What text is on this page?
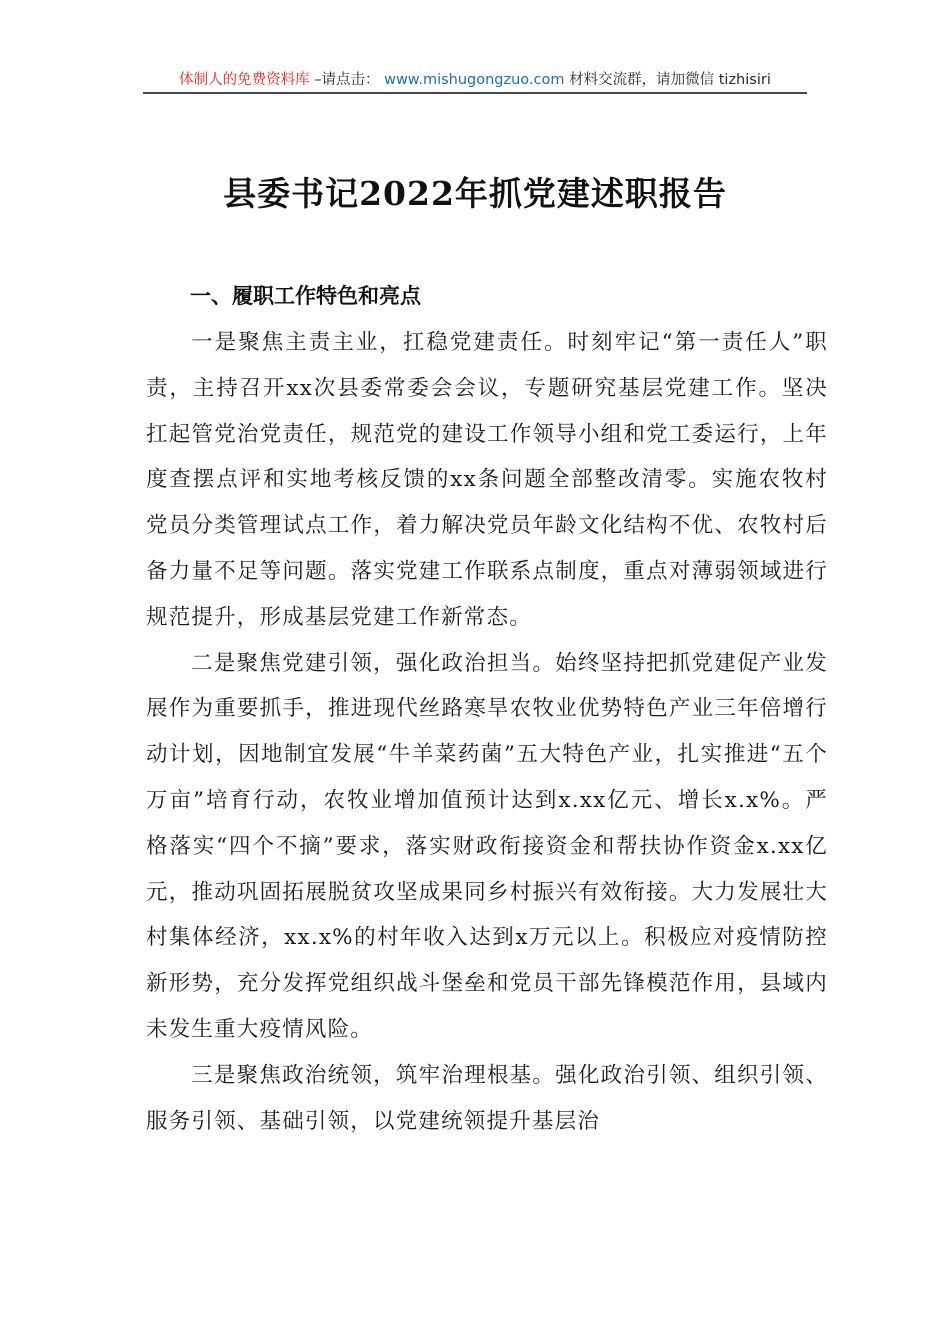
体制人的免费资料库 –请点击： www.mishugongzuo.com 材料交流群，请加微信 tizhisiri
县委书记2022年抓党建述职报告
一、履职工作特色和亮点

一是聚焦主责主业，扛稳党建责任。时刻牢记“第一责任人”职责，主持召开xx次县委常委会会议，专题研究基层党建工作。坚决扛起管党治党责任，规范党的建设工作领导小组和党工委运行，上年度查摆点评和实地考核反馈的xx条问题全部整改清零。实施农牧村党员分类管理试点工作，着力解决党员年龄文化结构不优、农牧村后备力量不足等问题。落实党建工作联系点制度，重点对薄弱领域进行规范提升，形成基层党建工作新常态。

二是聚焦党建引领，强化政治担当。始终坚持把抓党建促产业发展作为重要抓手，推进现代丝路寒旱农牧业优势特色产业三年倍增行动计划，因地制宜发展“牛羊菜药菌”五大特色产业，扎实推进“五个万亩”培育行动，农牧业增加值预计达到x.xx亿元、增长x.x%。严格落实“四个不摘”要求，落实财政衔接资金和帮扶协作资金x.xx亿元，推动巩固拓展脱贫攻坚成果同乡村振兴有效衔接。大力发展壮大村集体经济，xx.x%的村年收入达到x万元以上。积极应对疫情防控新形势，充分发挥党组织战斗堡垒和党员干部先锋模范作用，县域内未发生重大疫情风险。

三是聚焦政治统领，筑牢治理根基。强化政治引领、组织引领、服务引领、基础引领，以党建统领提升基层治
